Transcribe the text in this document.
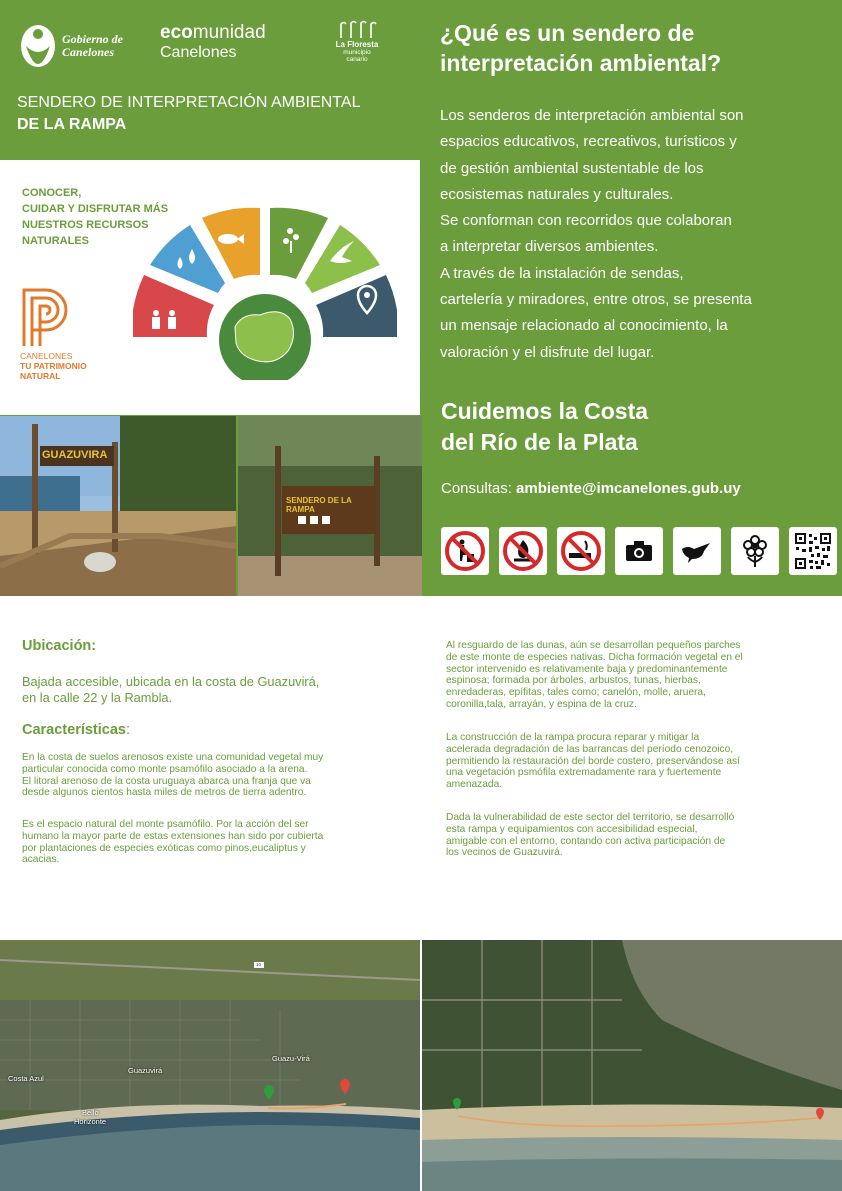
Gobierno de
Canelones
ecomunidad
Canelones	La Floresta
municipio
canario
SENDERO DE INTERPRETACIÓN AMBIENTAL
DE LA RAMPA
CONOCER,
CUIDAR Y DISFRUTAR MÁS
NUESTROS RECURSOS
NATURALES
CANELONES
TU PATRIMONIO
NATURAL
GUAZUVIRA
SENDERO DE LA RAMPA
¿Qué es un sendero de
interpretación ambiental?
Los senderos de interpretación ambiental son
espacios educativos, recreativos, turísticos y
de gestión ambiental sustentable de los
ecosistemas naturales y culturales.
Se conforman con recorridos que colaboran
a interpretar diversos ambientes.
A través de la instalación de sendas,
cartelería y miradores, entre otros, se presenta
un mensaje relacionado al conocimiento, la
valoración y el disfrute del lugar.
Cuidemos la Costa
del Río de la Plata
Consultas: ambiente@imcanelones.gub.uy
Ubicación:
Bajada accesible, ubicada en la costa de Guazuvirá,
en la calle 22 y la Rambla.
Características:
En la costa de suelos arenosos existe una comunidad vegetal muy
particular conocida como monte psamófilo asociado a la arena.
El litoral arenoso de la costa uruguaya abarca una franja que va
desde algunos cientos hasta miles de metros de tierra adentro.
Es el espacio natural del monte psamófilo. Por la acción del ser
humano la mayor parte de estas extensiones han sido por cubierta
por plantaciones de especies exóticas como pinos,eucaliptus y
acacias.
Al resguardo de las dunas, aún se desarrollan pequeños parches
de este monte de especies nativas. Dicha formación vegetal en el
sector intervenido es relativamente baja y predominantemente
espinosa; formada por árboles, arbustos, tunas, hierbas,
enredaderas, epífitas, tales como; canelón, molle, aruera,
coronilla,tala, arrayán, y espina de la cruz.
La construcción de la rampa procura reparar y mitigar la
acelerada degradación de las barrancas del período cenozoico,
permitiendo la restauración del borde costero, preservándose así
una vegetación psmófila extremadamente rara y fuertemente
amenazada.
Dada la vulnerabilidad de este sector del territorio, se desarrolló
esta rampa y equipamientos con accesibilidad especial,
amigable con el entorno, contando con activa participación de
los vecinos de Guazuvirá.
Costa Azul
Guazuvirá
Guazu-Virá
Bello
Horizonte
10
